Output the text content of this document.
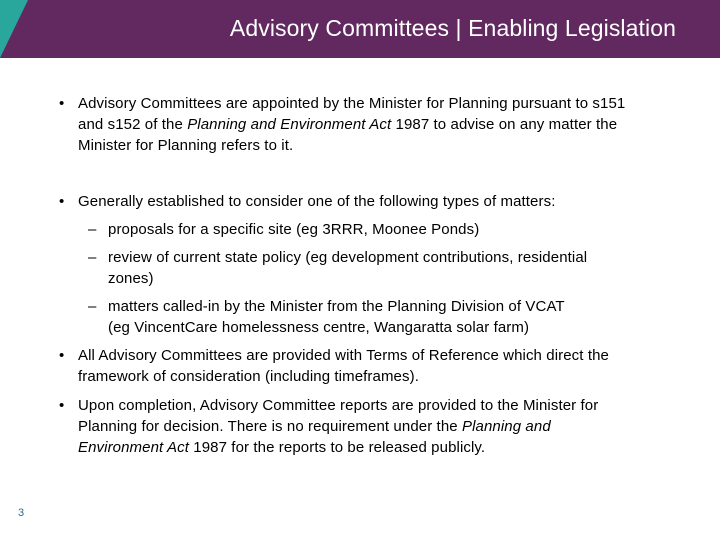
Advisory Committees | Enabling Legislation
• Advisory Committees are appointed by the Minister for Planning pursuant to s151
and s152 of the Planning and Environment Act 1987 to advise on any matter the
Minister for Planning refers to it.
• Generally established to consider one of the following types of matters:
– proposals for a specific site (eg 3RRR, Moonee Ponds)
– review of current state policy (eg development contributions, residential
zones)
– matters called-in by the Minister from the Planning Division of VCAT
(eg VincentCare homelessness centre, Wangaratta solar farm)
• All Advisory Committees are provided with Terms of Reference which direct the
framework of consideration (including timeframes).
• Upon completion, Advisory Committee reports are provided to the Minister for
Planning for decision. There is no requirement under the Planning and
Environment Act 1987 for the reports to be released publicly.
3
